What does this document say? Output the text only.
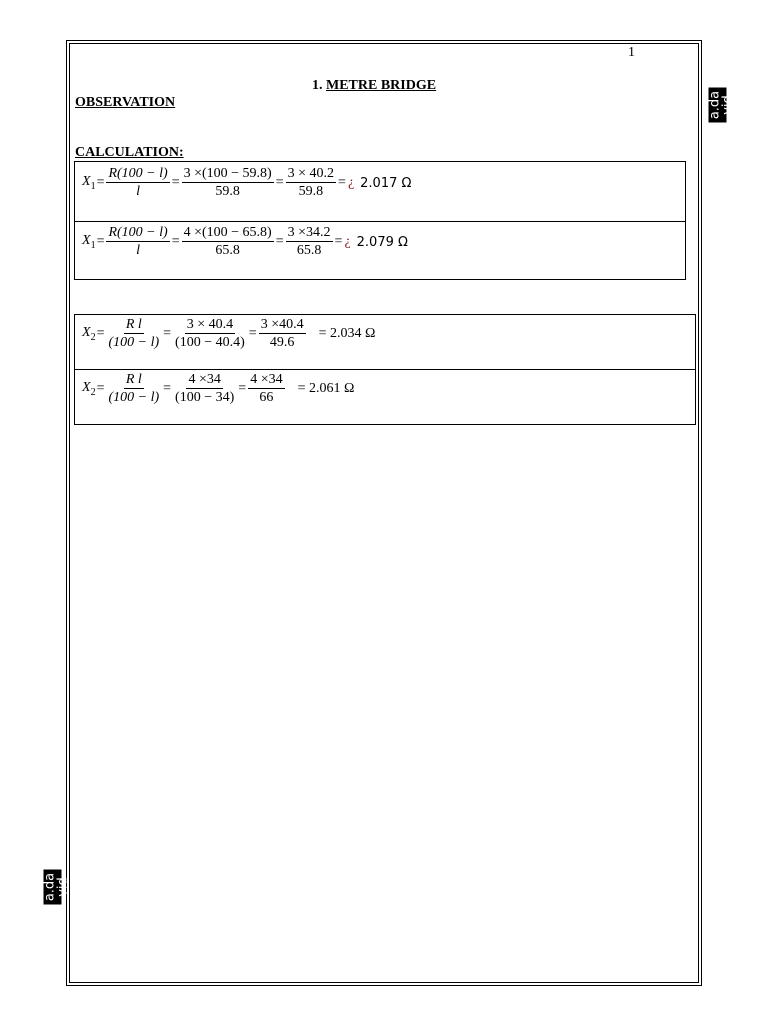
1
1. METRE BRIDGE
OBSERVATION
CALCULATION:
a.da
vid
a.da
vid
$X_1 = \frac{R(100 - l)}{l} = \frac{3 \times(100 - 59.8)}{59.8} = \frac{3 \times 40.2}{59.8}$ = ¿ 2.017 Ω
$X_1 = \frac{R(100 - l)}{l} = \frac{4 \times(100 - 65.8)}{65.8} = \frac{3 \times 34.2}{65.8}$ = ¿ 2.079 Ω
$X_2 = \frac{\text{R l}}{(100 - l)} = \frac{3 \times 40.4}{(100 - 40.4)} = \frac{3 \times 40.4}{49.6} = 2.034$ Ω
$X_2 = \frac{\text{R l}}{(100 - l)} = \frac{4 \times 34}{(100 - 34)} = \frac{4 \times 34}{66} = 2.061$ Ω
